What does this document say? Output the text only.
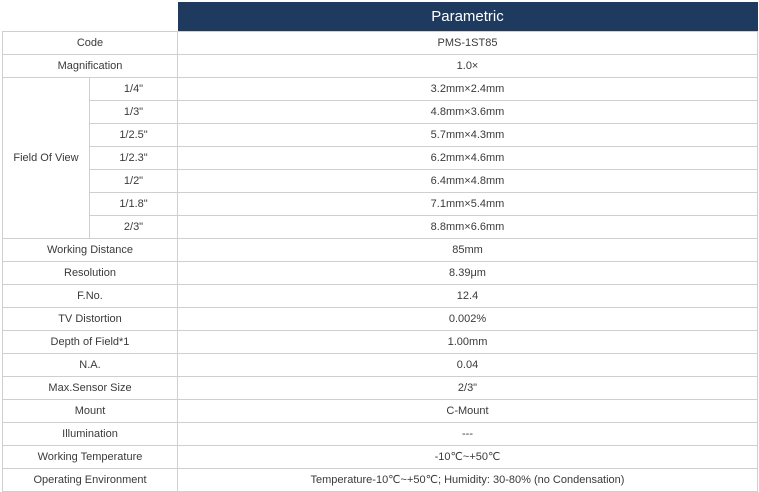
		Parametric
Code		PMS-1ST85
Magnification		1.0×
Field Of View	1/4"	3.2mm×2.4mm
	1/3"	4.8mm×3.6mm
	1/2.5"	5.7mm×4.3mm
	1/2.3"	6.2mm×4.6mm
	1/2"	6.4mm×4.8mm
	1/1.8"	7.1mm×5.4mm
	2/3"	8.8mm×6.6mm
Working Distance		85mm
Resolution		8.39μm
F.No.		12.4
TV Distortion		0.002%
Depth of Field*1		1.00mm
N.A.		0.04
Max.Sensor Size		2/3"
Mount		C-Mount
Illumination		---
Working Temperature		-10℃~+50℃
Operating Environment		Temperature-10℃~+50℃; Humidity: 30-80% (no Condensation)
